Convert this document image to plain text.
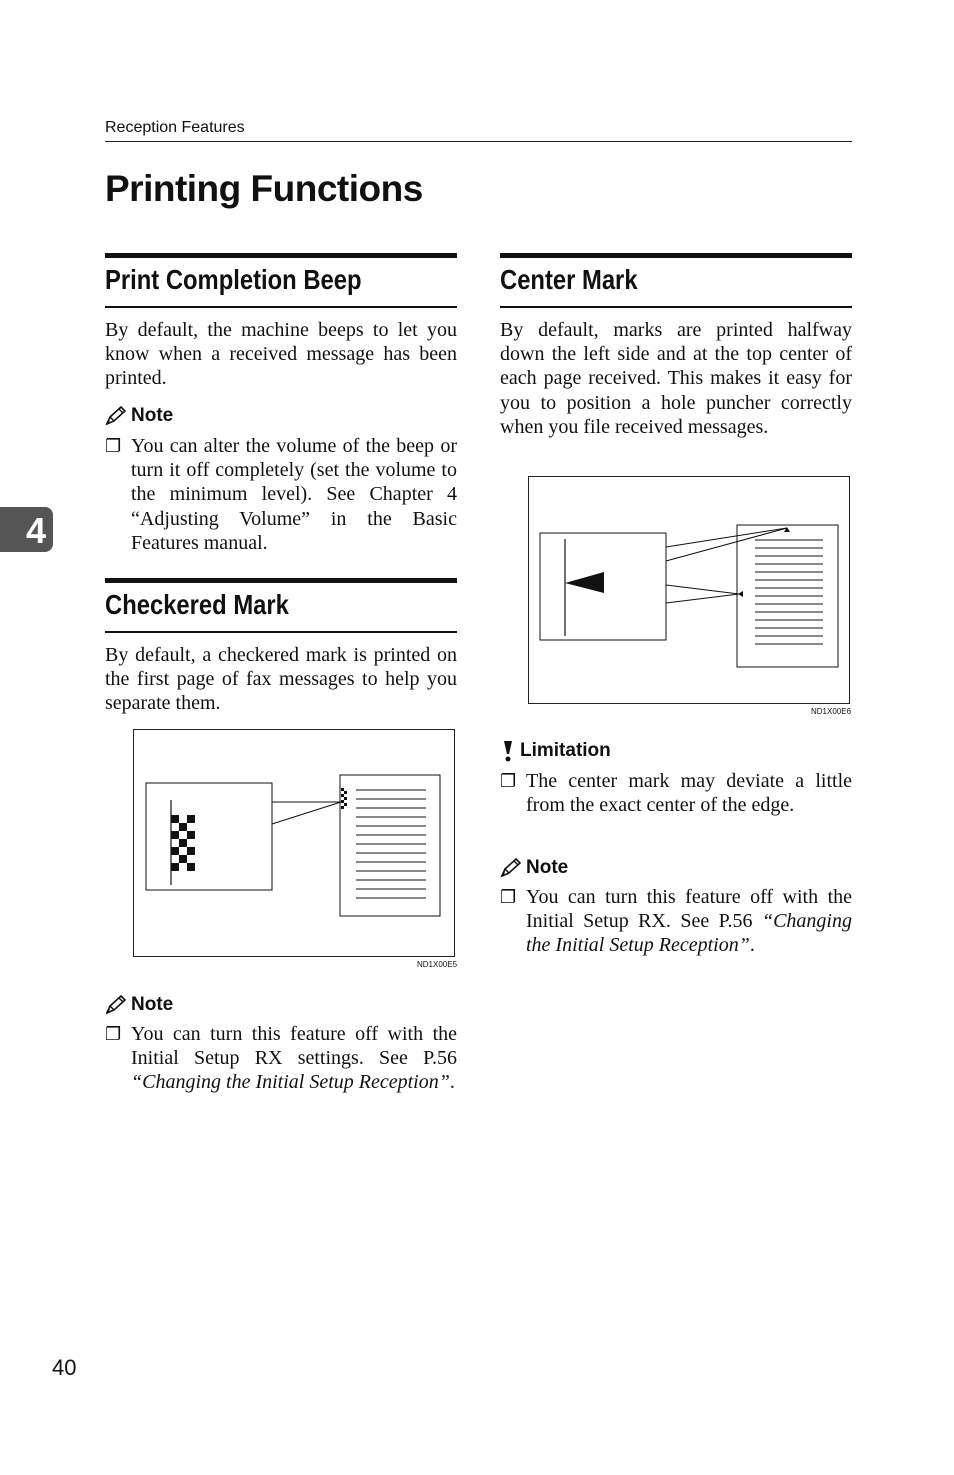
Reception Features
Printing Functions
4
Print Completion Beep
By default, the machine beeps to let you know when a received message has been printed.
Note
❐ You can alter the volume of the beep or turn it off completely (set the volume to the minimum level). See Chapter 4 “Adjusting Volume” in the Basic Features manual.
Checkered Mark
By default, a checkered mark is printed on the first page of fax messages to help you separate them.
ND1X00E5
Note
❐ You can turn this feature off with the Initial Setup RX settings. See P.56 “Changing the Initial Setup Reception”.
Center Mark
By default, marks are printed halfway down the left side and at the top center of each page received. This makes it easy for you to position a hole puncher correctly when you file received messages.
ND1X00E6
Limitation
❐ The center mark may deviate a little from the exact center of the edge.
Note
❐ You can turn this feature off with the Initial Setup RX. See P.56 “Changing the Initial Setup Reception”.
40
